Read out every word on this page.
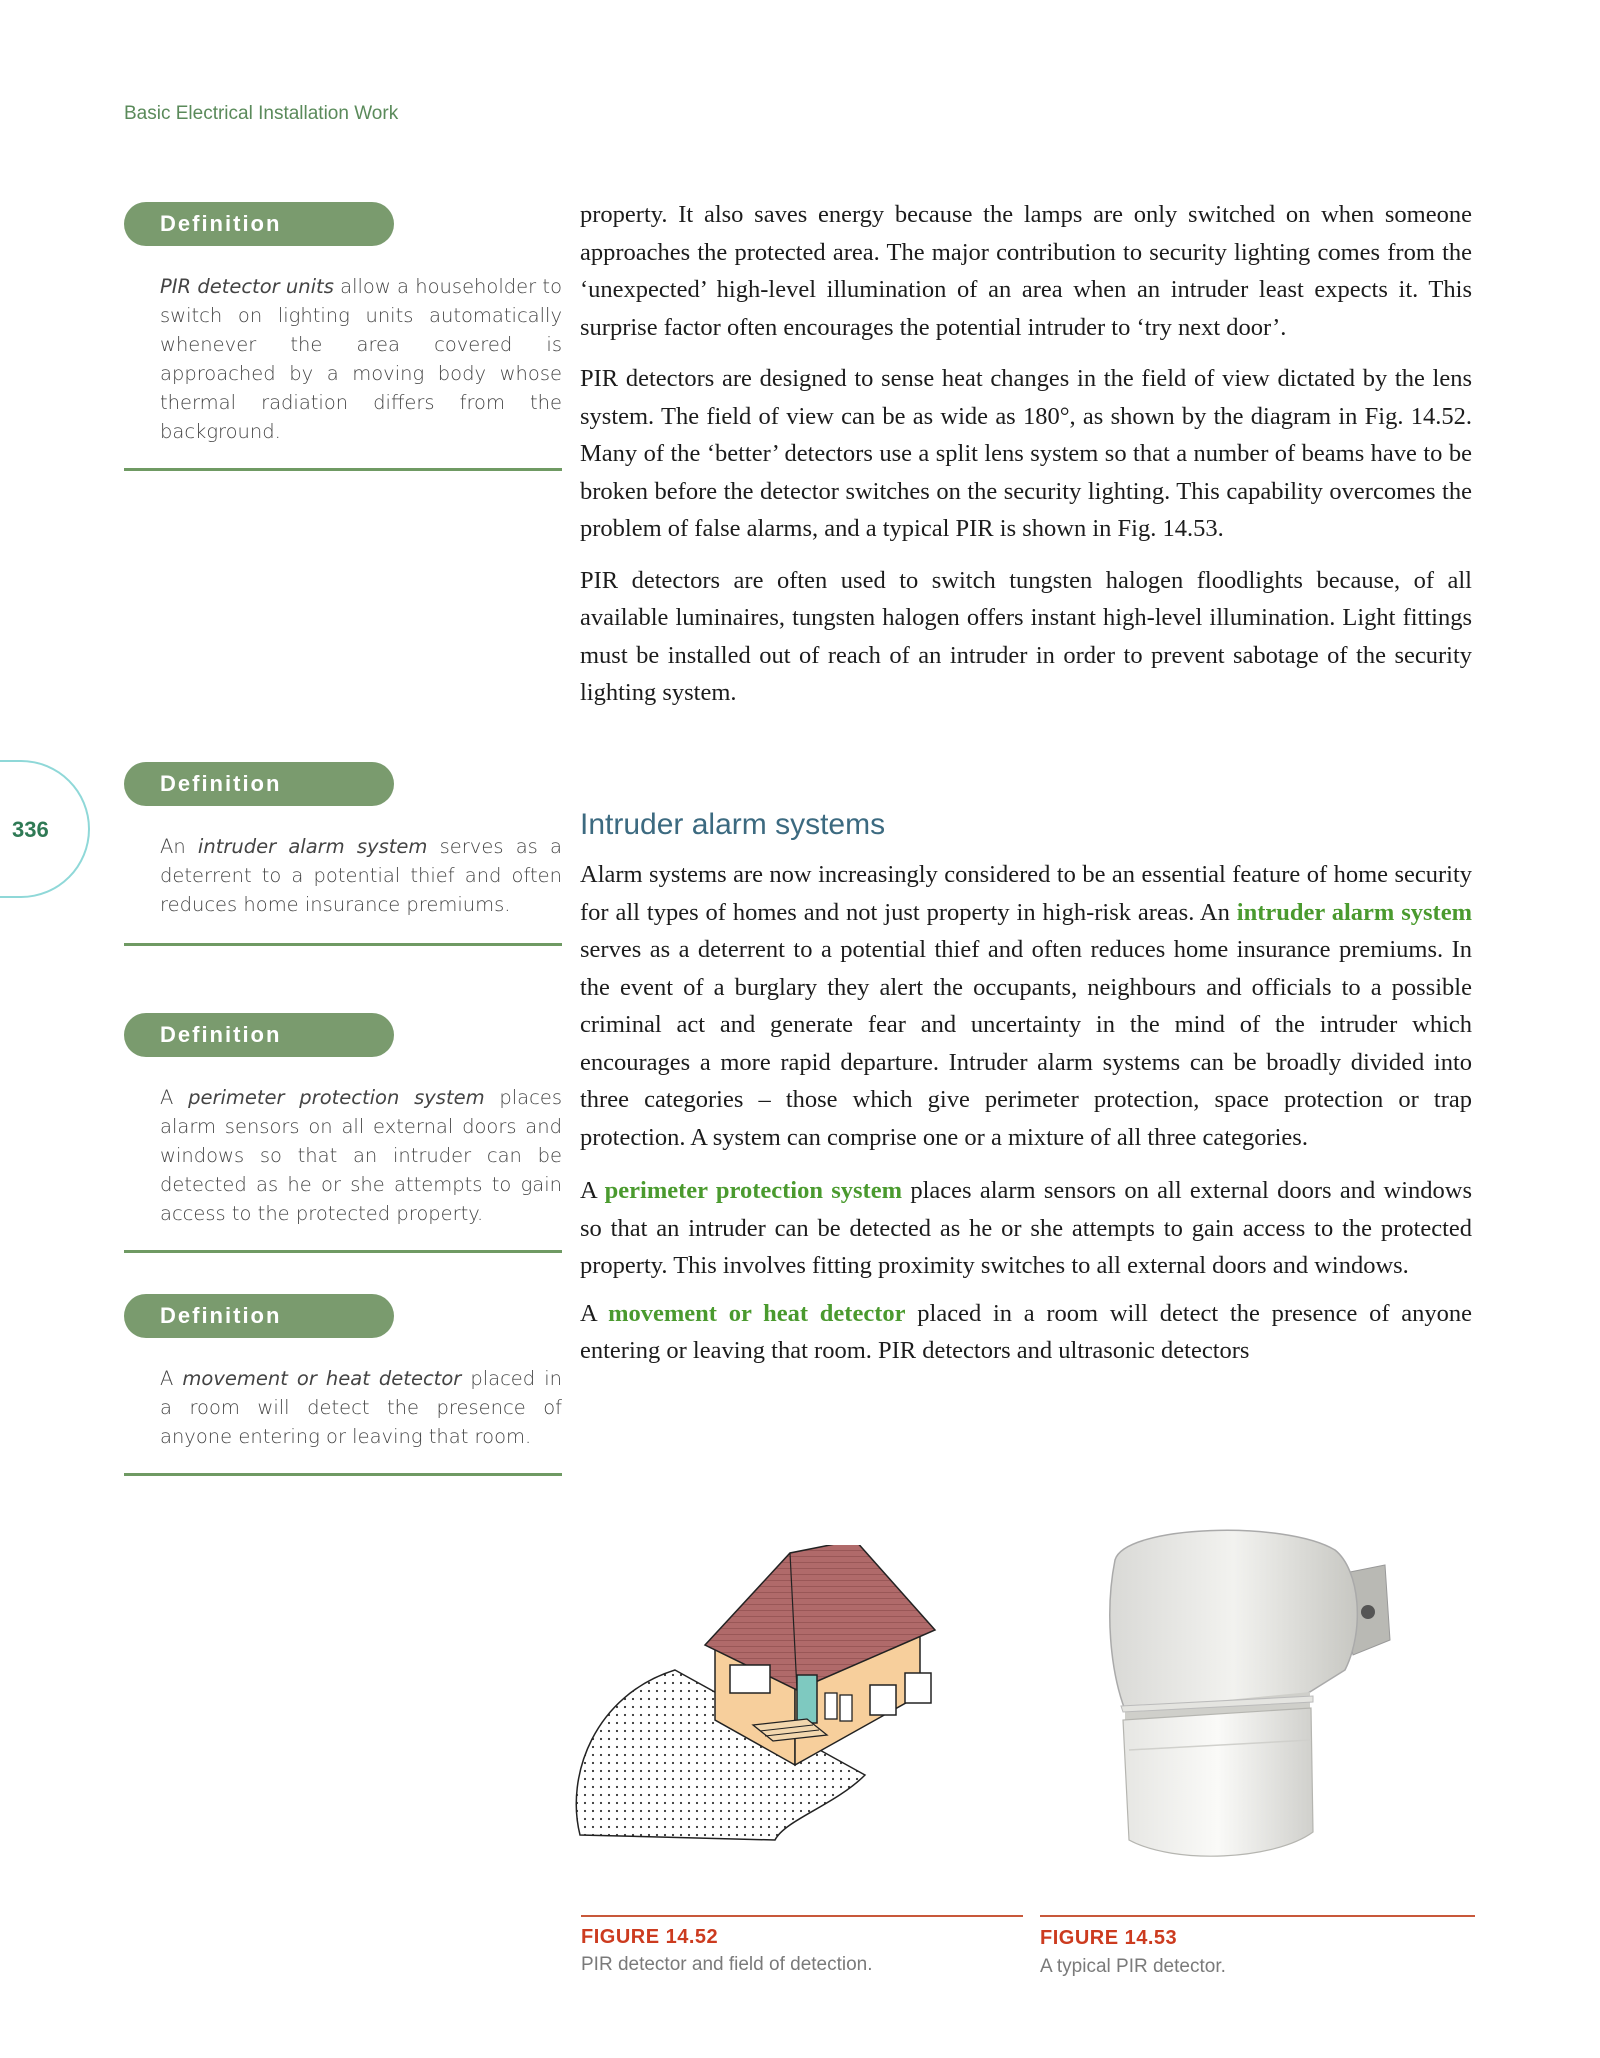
Basic Electrical Installation Work
336
Definition
PIR detector units allow a householder to switch on lighting units automatically whenever the area covered is approached by a moving body whose thermal radiation differs from the background.
Definition
An intruder alarm system serves as a deterrent to a potential thief and often reduces home insurance premiums.
Definition
A perimeter protection system places alarm sensors on all external doors and windows so that an intruder can be detected as he or she attempts to gain access to the protected property.
Definition
A movement or heat detector placed in a room will detect the presence of anyone entering or leaving that room.

property. It also saves energy because the lamps are only switched on when someone approaches the protected area. The major contribution to security lighting comes from the ‘unexpected’ high-level illumination of an area when an intruder least expects it. This surprise factor often encourages the potential intruder to ‘try next door’.

PIR detectors are designed to sense heat changes in the field of view dictated by the lens system. The field of view can be as wide as 180°, as shown by the diagram in Fig. 14.52. Many of the ‘better’ detectors use a split lens system so that a number of beams have to be broken before the detector switches on the security lighting. This capability overcomes the problem of false alarms, and a typical PIR is shown in Fig. 14.53.

PIR detectors are often used to switch tungsten halogen floodlights because, of all available luminaires, tungsten halogen offers instant high-level illumination. Light fittings must be installed out of reach of an intruder in order to prevent sabotage of the security lighting system.

Intruder alarm systems

Alarm systems are now increasingly considered to be an essential feature of home security for all types of homes and not just property in high-risk areas. An intruder alarm system serves as a deterrent to a potential thief and often reduces home insurance premiums. In the event of a burglary they alert the occupants, neighbours and officials to a possible criminal act and generate fear and uncertainty in the mind of the intruder which encourages a more rapid departure. Intruder alarm systems can be broadly divided into three categories – those which give perimeter protection, space protection or trap protection. A system can comprise one or a mixture of all three categories.

A perimeter protection system places alarm sensors on all external doors and windows so that an intruder can be detected as he or she attempts to gain access to the protected property. This involves fitting proximity switches to all external doors and windows.

A movement or heat detector placed in a room will detect the presence of anyone entering or leaving that room. PIR detectors and ultrasonic detectors

FIGURE 14.52
PIR detector and field of detection.
FIGURE 14.53
A typical PIR detector.
